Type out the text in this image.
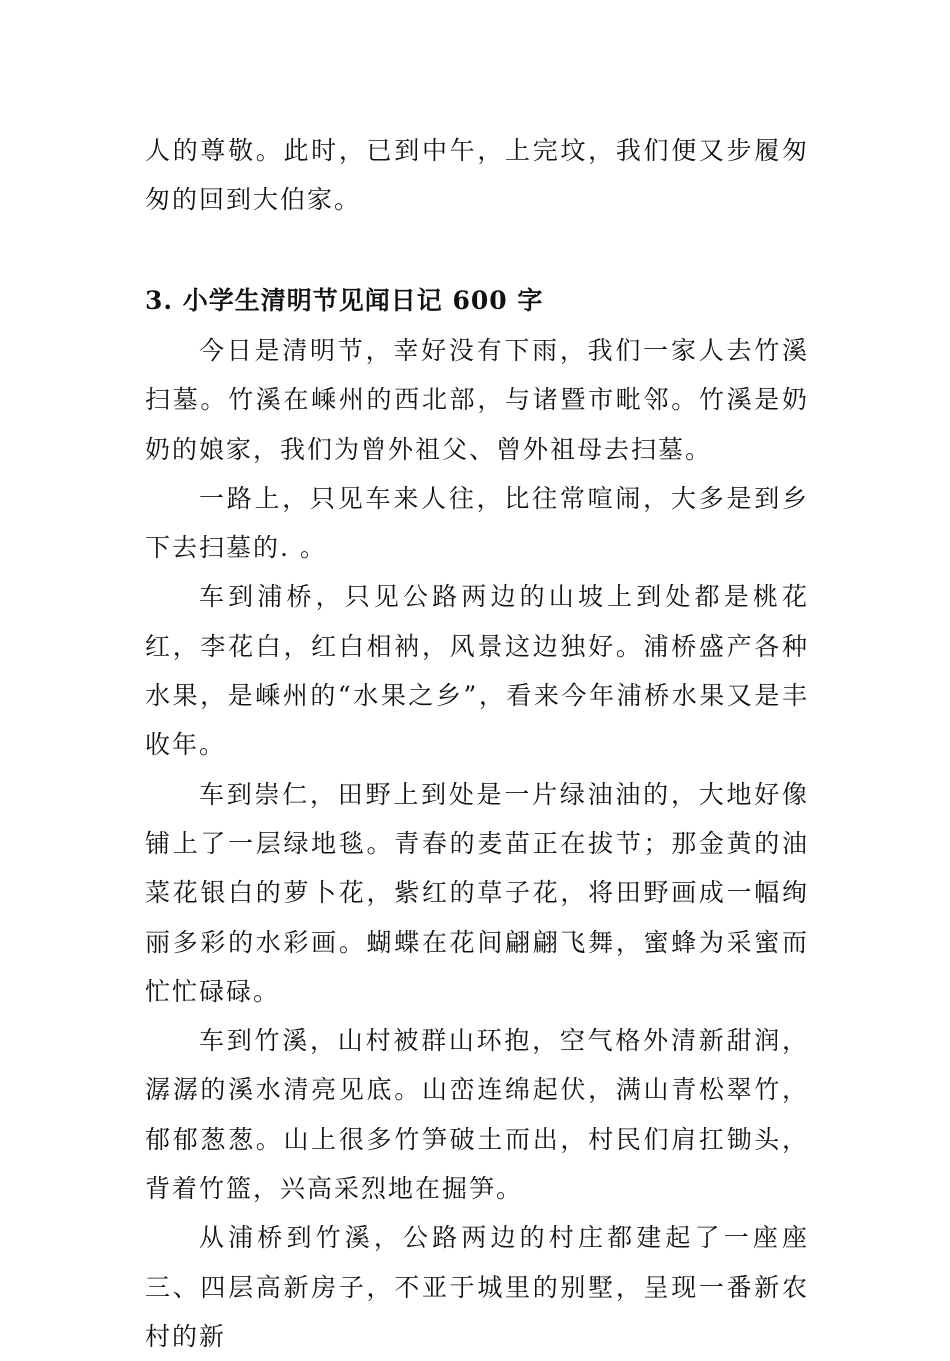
人的尊敬。此时，已到中午，上完坟，我们便又步履匆匆的回到大伯家。

3. 小学生清明节见闻日记 600 字

今日是清明节，幸好没有下雨，我们一家人去竹溪扫墓。竹溪在嵊州的西北部，与诸暨市毗邻。竹溪是奶奶的娘家，我们为曾外祖父、曾外祖母去扫墓。

一路上，只见车来人往，比往常喧闹，大多是到乡下去扫墓的. 。

车到浦桥，只见公路两边的山坡上到处都是桃花红，李花白，红白相衲，风景这边独好。浦桥盛产各种水果，是嵊州的“水果之乡”，看来今年浦桥水果又是丰收年。

车到崇仁，田野上到处是一片绿油油的，大地好像铺上了一层绿地毯。青春的麦苗正在拔节；那金黄的油菜花银白的萝卜花，紫红的草子花，将田野画成一幅绚丽多彩的水彩画。蝴蝶在花间翩翩飞舞，蜜蜂为采蜜而忙忙碌碌。

车到竹溪，山村被群山环抱，空气格外清新甜润，潺潺的溪水清亮见底。山峦连绵起伏，满山青松翠竹，郁郁葱葱。山上很多竹笋破土而出，村民们肩扛锄头，背着竹篮，兴高采烈地在掘笋。

从浦桥到竹溪，公路两边的村庄都建起了一座座三、四层高新房子，不亚于城里的别墅，呈现一番新农村的新
